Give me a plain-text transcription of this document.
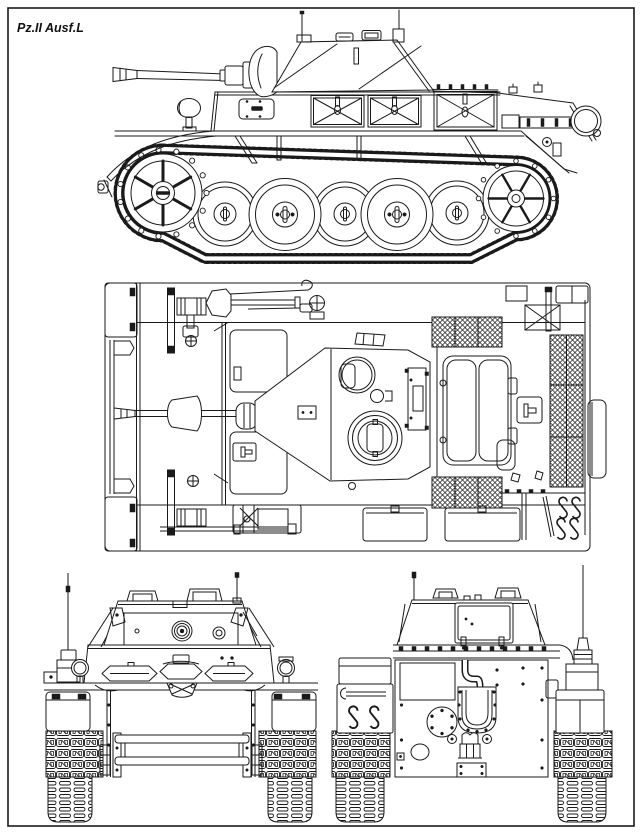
Pz.II Ausf.L
